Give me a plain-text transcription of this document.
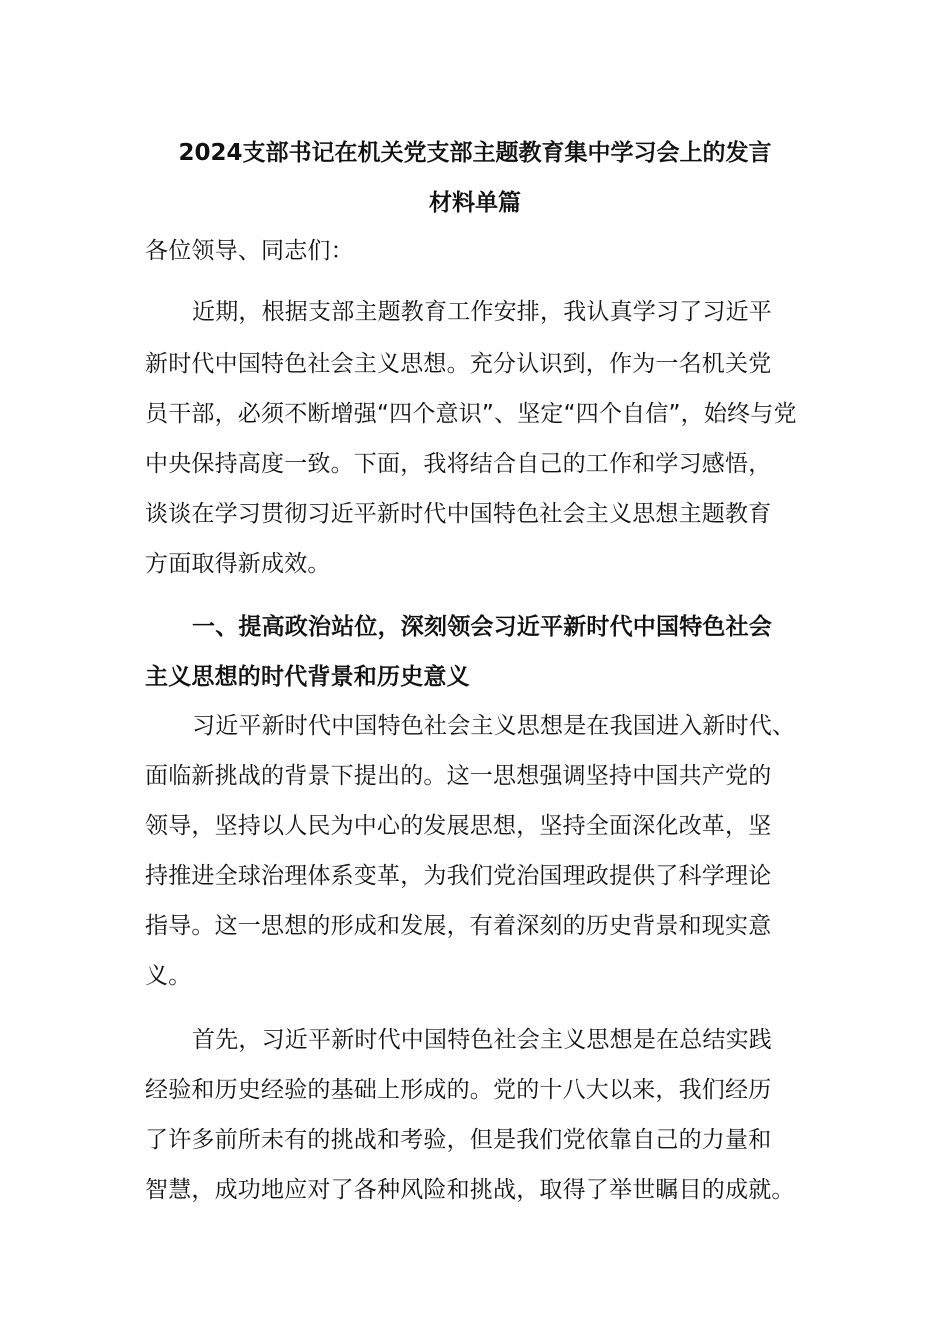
2024支部书记在机关党支部主题教育集中学习会上的发言
材料单篇
各位领导、同志们：
近期，根据支部主题教育工作安排，我认真学习了习近平
新时代中国特色社会主义思想。充分认识到，作为一名机关党
员干部，必须不断增强“四个意识”、坚定“四个自信”，始终与党
中央保持高度一致。下面，我将结合自己的工作和学习感悟，
谈谈在学习贯彻习近平新时代中国特色社会主义思想主题教育
方面取得新成效。
一、提高政治站位，深刻领会习近平新时代中国特色社会
主义思想的时代背景和历史意义
习近平新时代中国特色社会主义思想是在我国进入新时代、
面临新挑战的背景下提出的。这一思想强调坚持中国共产党的
领导，坚持以人民为中心的发展思想，坚持全面深化改革，坚
持推进全球治理体系变革，为我们党治国理政提供了科学理论
指导。这一思想的形成和发展，有着深刻的历史背景和现实意
义。
首先，习近平新时代中国特色社会主义思想是在总结实践
经验和历史经验的基础上形成的。党的十八大以来，我们经历
了许多前所未有的挑战和考验，但是我们党依靠自己的力量和
智慧，成功地应对了各种风险和挑战，取得了举世瞩目的成就。
